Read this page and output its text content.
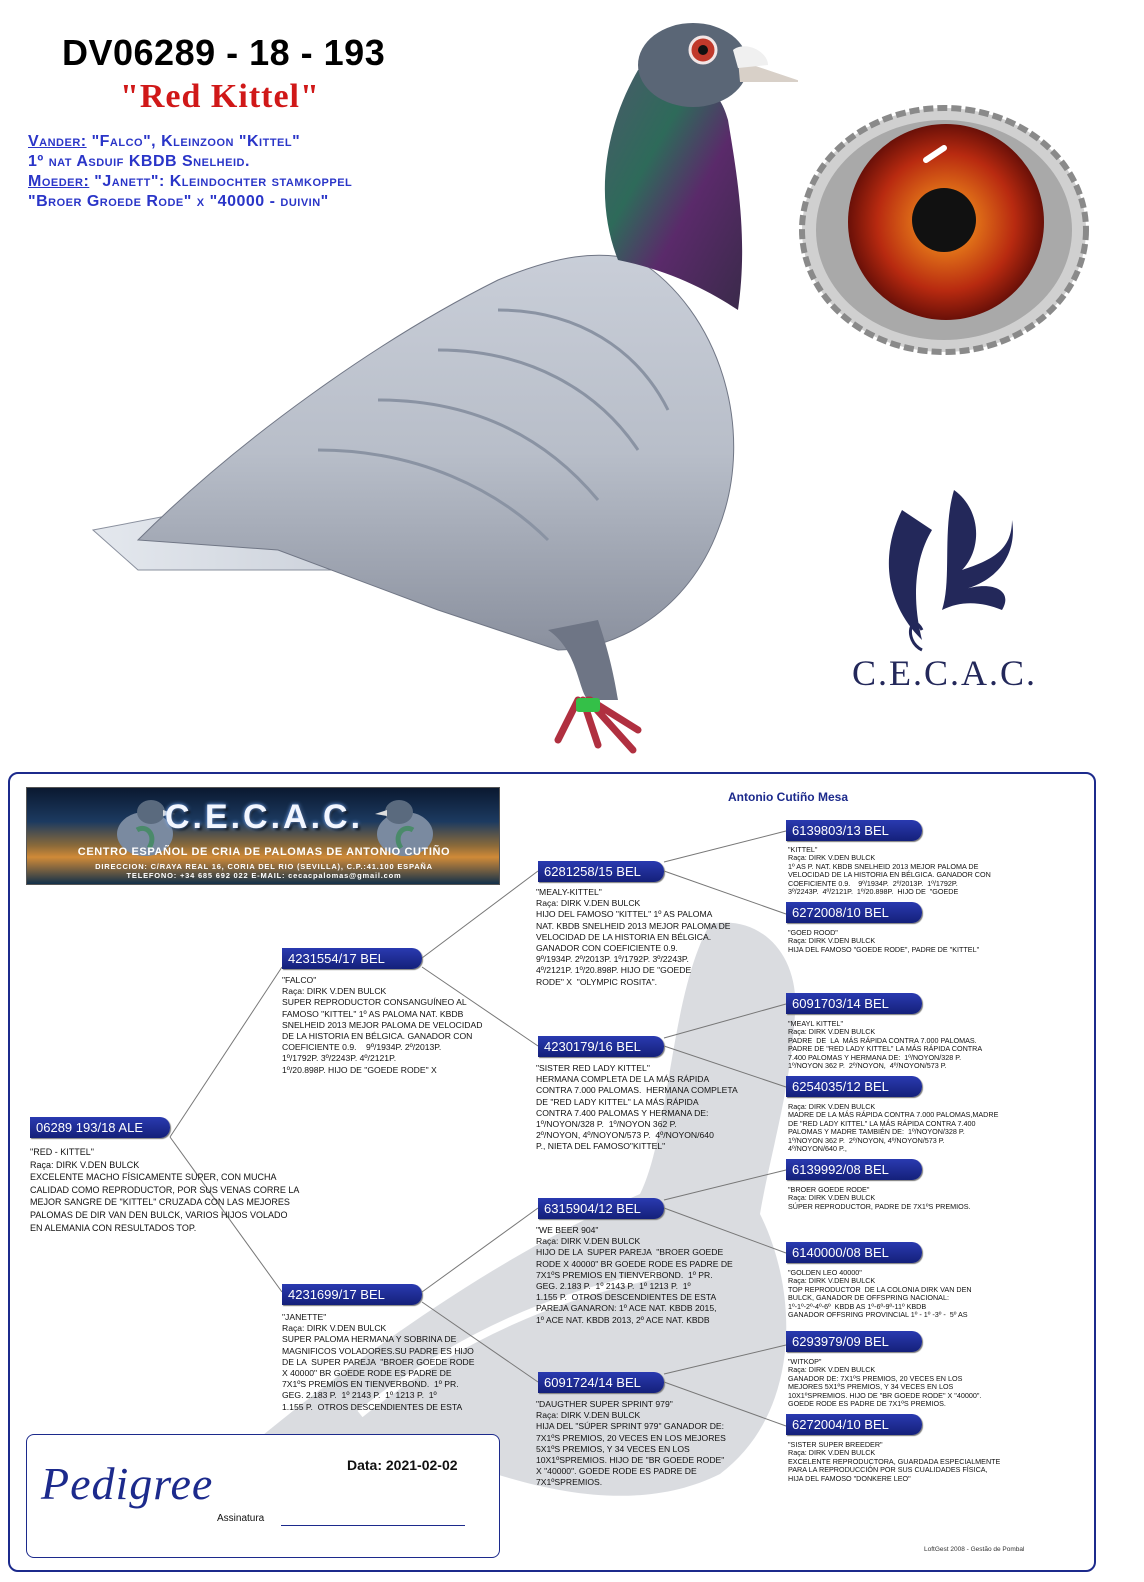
DV06289 - 18 - 193
"Red Kittel"
Vander: "Falco", Kleinzoon "Kittel"
1º nat Asduif KBDB Snelheid.
Moeder: "Janett": Kleindochter stamkoppel
"Broer Groede Rode" x "40000 - duivin"
C.E.C.A.C.
Antonio Cutiño Mesa
C.E.C.A.C.
CENTRO ESPAÑOL DE CRIA DE PALOMAS DE ANTONIO CUTIÑO
DIRECCION: C/RAYA REAL 16, CORIA DEL RIO (SEVILLA), C.P.:41.100 ESPAÑA
TELEFONO: +34 685 692 022 E-MAIL: cecacpalomas@gmail.com
06289 193/18 ALE
"RED - KITTEL"
Raça: DIRK V.DEN BULCK
EXCELENTE MACHO FÍSICAMENTE SUPER, CON MUCHA
CALIDAD COMO REPRODUCTOR, POR SUS VENAS CORRE LA
MEJOR SANGRE DE "KITTEL" CRUZADA CON LAS MEJORES
PALOMAS DE DIR VAN DEN BULCK, VARIOS HIJOS VOLADO
EN ALEMANIA CON RESULTADOS TOP.
4231554/17 BEL
"FALCO"
Raça: DIRK V.DEN BULCK
SUPER REPRODUCTOR CONSANGUÍNEO AL
FAMOSO "KITTEL" 1º AS PALOMA NAT. KBDB
SNELHEID 2013 MEJOR PALOMA DE VELOCIDAD
DE LA HISTORIA EN BÉLGICA. GANADOR CON
COEFICIENTE 0.9.    9º/1934P. 2º/2013P.
1º/1792P. 3º/2243P. 4º/2121P.
1º/20.898P. HIJO DE "GOEDE RODE" X
4231699/17 BEL
"JANETTE"
Raça: DIRK V.DEN BULCK
SUPER PALOMA HERMANA Y SOBRINA DE
MAGNIFICOS VOLADORES.SU PADRE ES HIJO
DE LA  SUPER PAREJA  "BROER GOEDE RODE
X 40000" BR GOEDE RODE ES PADRE DE
7X1ºS PREMIOS EN TIENVERBOND.  1º PR.
GEG. 2.183 P.  1º 2143 P.  1º 1213 P.  1º
1.155 P.  OTROS DESCENDIENTES DE ESTA
6281258/15 BEL
"MEALY-KITTEL"
Raça: DIRK V.DEN BULCK
HIJO DEL FAMOSO "KITTEL" 1º AS PALOMA
NAT. KBDB SNELHEID 2013 MEJOR PALOMA DE
VELOCIDAD DE LA HISTORIA EN BÉLGICA.
GANADOR CON COEFICIENTE 0.9.
9º/1934P. 2º/2013P. 1º/1792P. 3º/2243P.
4º/2121P. 1º/20.898P. HIJO DE "GOEDE
RODE" X  "OLYMPIC ROSITA".
4230179/16 BEL
"SISTER RED LADY KITTEL"
HERMANA COMPLETA DE LA MÁS RÁPIDA
CONTRA 7.000 PALOMAS.  HERMANA COMPLETA
DE "RED LADY KITTEL" LA MÁS RÁPIDA
CONTRA 7.400 PALOMAS Y HERMANA DE:
1º/NOYON/328 P.  1º/NOYON 362 P.
2º/NOYON, 4º/NOYON/573 P.  4º/NOYON/640
P., NIETA DEL FAMOSO"KITTEL"
6315904/12 BEL
"WE BEER 904"
Raça: DIRK V.DEN BULCK
HIJO DE LA  SUPER PAREJA  "BROER GOEDE
RODE X 40000" BR GOEDE RODE ES PADRE DE
7X1ºS PREMIOS EN TIENVERBOND.  1º PR.
GEG. 2.183 P.  1º 2143 P.  1º 1213 P.  1º
1.155 P.  OTROS DESCENDIENTES DE ESTA
PAREJA GANARON: 1º ACE NAT. KBDB 2015,
1º ACE NAT. KBDB 2013, 2º ACE NAT. KBDB
6091724/14 BEL
"DAUGTHER SUPER SPRINT 979"
Raça: DIRK V.DEN BULCK
HIJA DEL "SÚPER SPRINT 979" GANADOR DE:
7X1ºS PREMIOS, 20 VECES EN LOS MEJORES
5X1ºS PREMIOS, Y 34 VECES EN LOS
10X1ºSPREMIOS. HIJO DE "BR GOEDE RODE"
X "40000". GOEDE RODE ES PADRE DE
7X1ºSPREMIOS.
6139803/13 BEL
"KITTEL"
Raça: DIRK V.DEN BULCK
1º AS P. NAT. KBDB SNELHEID 2013 MEJOR PALOMA DE
VELOCIDAD DE LA HISTORIA EN BÉLGICA. GANADOR CON
COEFICIENTE 0.9.    9º/1934P.  2º/2013P.  1º/1792P.
3º/2243P.  4º/2121P.  1º/20.898P.  HIJO DE  "GOEDE
6272008/10 BEL
"GOED ROOD"
Raça: DIRK V.DEN BULCK
HIJA DEL FAMOSO "GOEDE RODE", PADRE DE "KITTEL"
6091703/14 BEL
"MEAYL KITTEL"
Raça: DIRK V.DEN BULCK
PADRE  DE  LA  MÁS RÁPIDA CONTRA 7.000 PALOMAS.
PADRE DE "RED LADY KITTEL" LA MÁS RÁPIDA CONTRA
7.400 PALOMAS Y HERMANA DE:  1º/NOYON/328 P.
1º/NOYON 362 P.  2º/NOYON,  4º/NOYON/573 P.
6254035/12 BEL
Raça: DIRK V.DEN BULCK
MADRE DE LA MÁS RÁPIDA CONTRA 7.000 PALOMAS,MADRE
DE "RED LADY KITTEL" LA MÁS RÁPIDA CONTRA 7.400
PALOMAS Y MADRE TAMBIÉN DE:  1º/NOYON/328 P.
1º/NOYON 362 P.  2º/NOYON, 4º/NOYON/573 P.
4º/NOYON/640 P.,
6139992/08 BEL
"BROER GOEDE RODE"
Raça: DIRK V.DEN BULCK
SÚPER REPRODUCTOR, PADRE DE 7X1ºS PREMIOS.
6140000/08 BEL
"GOLDEN LEO 40000"
Raça: DIRK V.DEN BULCK
TOP REPRODUCTOR  DE LA COLONIA DIRK VAN DEN
BULCK, GANADOR DE OFFSPRING NACIONAL:
1º-1º-2º-4º-6º  KBDB AS 1º-6º-9º-11º KBDB
GANADOR OFFSRING PROVINCIAL 1º - 1º -3º -  5º AS
6293979/09 BEL
"WITKOP"
Raça: DIRK V.DEN BULCK
GANADOR DE: 7X1ºS PREMIOS, 20 VECES EN LOS
MEJORES 5X1ºS PREMIOS, Y 34 VECES EN LOS
10X1ºSPREMIOS. HIJO DE "BR GOEDE RODE" X "40000".
GOEDE RODE ES PADRE DE 7X1ºS PREMIOS.
6272004/10 BEL
"SISTER SUPER BREEDER"
Raça: DIRK V.DEN BULCK
EXCELENTE REPRODUCTORA, GUARDADA ESPECIALMENTE
PARA LA REPRODUCCIÓN POR SUS CUALIDADES FÍSICA,
HIJA DEL FAMOSO "DONKERE LEO"
Pedigree	Data: 2021-02-02
Assinatura
LoftGest 2008 - Gestão de Pombal
